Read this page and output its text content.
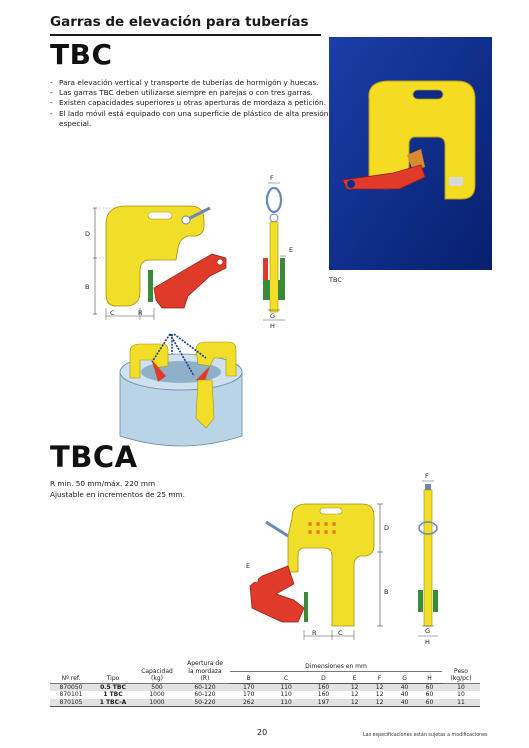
Garras de elevación para tuberías
TBC
- Para elevación vertical y transporte de tuberías de hormigón y huecas.
- Las garras TBC deben utilizarse siempre en parejas o con tres garras.
- Existen capacidades superiores u otras aperturas de mordaza a petición.
- El lado móvil está equipado con una superficie de plástico de alta presión especial.
TBC
D
B
C	R
F
E
G
H
TBCA
R min. 50 mm/máx. 220 mm
Ajustable en incrementos de 25 mm.
E
D
B
R	C
F
G
H
Nº ref.	Tipo	Capacidad
(kg)	Apertura de
la mordaza
(R)	Dimensiones en mm							Peso
(kg/pc)
				B	C	D	E	F	G	H	
870050	0.5 TBC	500	60-120	170	110	160	12	12	40	60	10
870101	1 TBC	1000	60-120	170	110	160	12	12	40	60	10
870105	1 TBC-A	1000	50-220	262	110	197	12	12	40	60	11
20	Las especificaciones están sujetas a modificaciones
